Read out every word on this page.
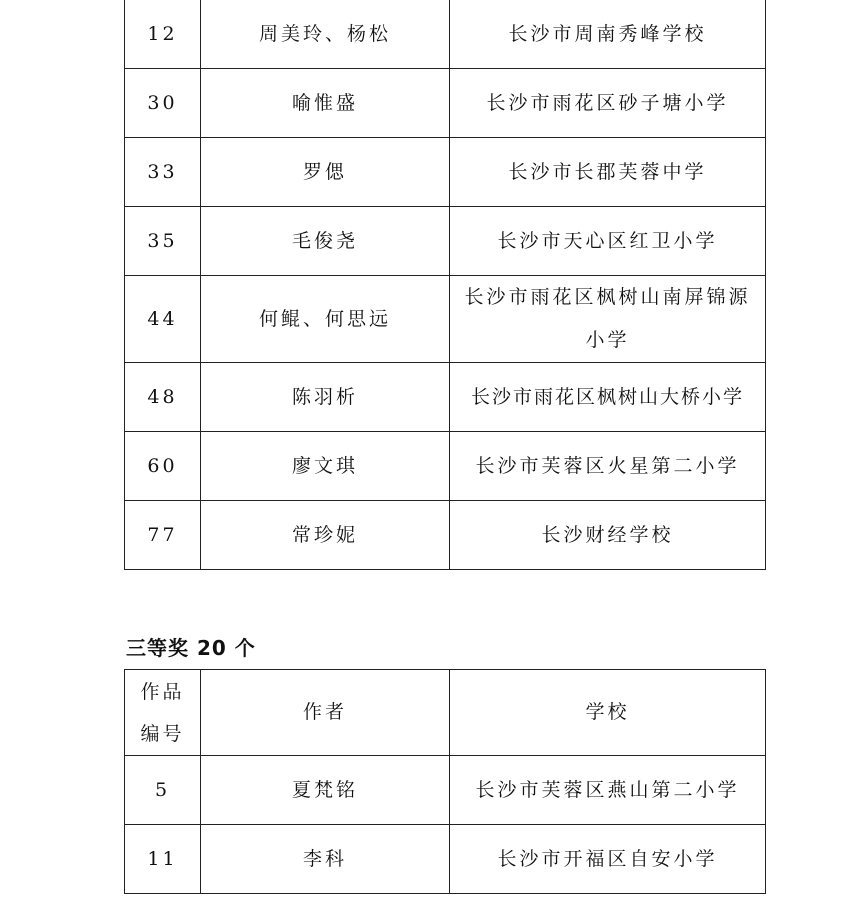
12	周美玲、杨松	长沙市周南秀峰学校
30	喻惟盛	长沙市雨花区砂子塘小学
33	罗偲	长沙市长郡芙蓉中学
35	毛俊尧	长沙市天心区红卫小学
44	何鲲、何思远	长沙市雨花区枫树山南屏锦源小学
48	陈羽析	长沙市雨花区枫树山大桥小学
60	廖文琪	长沙市芙蓉区火星第二小学
77	常珍妮	长沙财经学校
三等奖 20 个
作品编号	作者	学校
5	夏梵铭	长沙市芙蓉区燕山第二小学
11	李科	长沙市开福区自安小学
